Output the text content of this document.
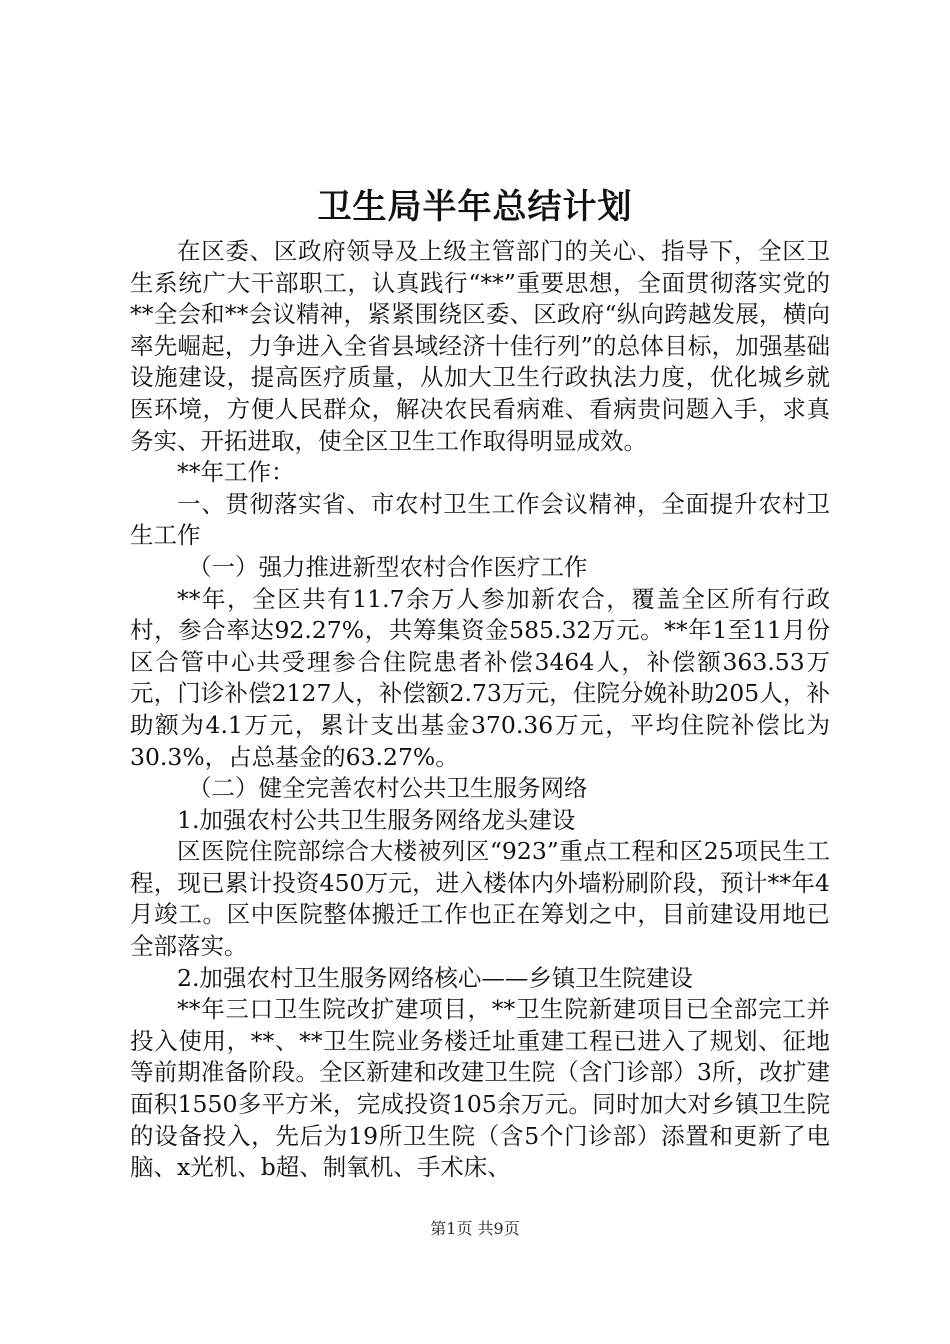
卫生局半年总结计划

在区委、区政府领导及上级主管部门的关心、指导下，全区卫生系统广大干部职工，认真践行“**”重要思想，全面贯彻落实党的**全会和**会议精神，紧紧围绕区委、区政府“纵向跨越发展，横向率先崛起，力争进入全省县域经济十佳行列”的总体目标，加强基础设施建设，提高医疗质量，从加大卫生行政执法力度，优化城乡就医环境，方便人民群众，解决农民看病难、看病贵问题入手，求真务实、开拓进取，使全区卫生工作取得明显成效。

**年工作：

一、贯彻落实省、市农村卫生工作会议精神，全面提升农村卫生工作

（一）强力推进新型农村合作医疗工作

**年，全区共有11.7余万人参加新农合，覆盖全区所有行政村，参合率达92.27%，共筹集资金585.32万元。**年1至11月份区合管中心共受理参合住院患者补偿3464人，补偿额363.53万元，门诊补偿2127人，补偿额2.73万元，住院分娩补助205人，补助额为4.1万元，累计支出基金370.36万元，平均住院补偿比为30.3%，占总基金的63.27%。

（二）健全完善农村公共卫生服务网络

1.加强农村公共卫生服务网络龙头建设

区医院住院部综合大楼被列区“923”重点工程和区25项民生工程，现已累计投资450万元，进入楼体内外墙粉刷阶段，预计**年4月竣工。区中医院整体搬迁工作也正在筹划之中，目前建设用地已全部落实。

2.加强农村卫生服务网络核心——乡镇卫生院建设

**年三口卫生院改扩建项目，**卫生院新建项目已全部完工并投入使用，**、**卫生院业务楼迁址重建工程已进入了规划、征地等前期准备阶段。全区新建和改建卫生院（含门诊部）3所，改扩建面积1550多平方米，完成投资105余万元。同时加大对乡镇卫生院的设备投入，先后为19所卫生院（含5个门诊部）添置和更新了电脑、x光机、b超、制氧机、手术床、

第1页 共9页
